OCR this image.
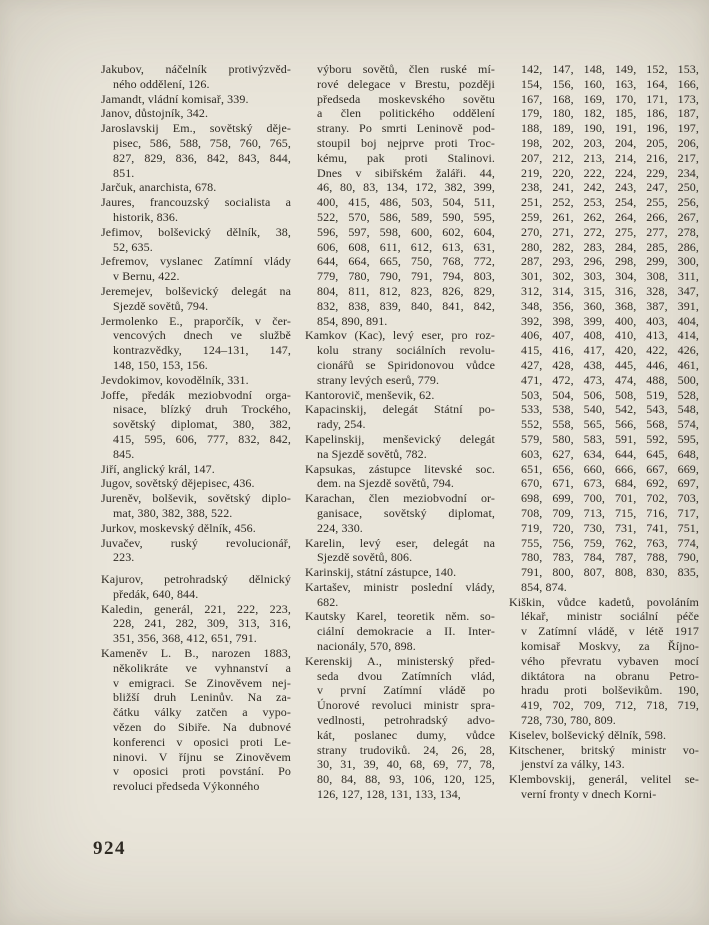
Jakubov, náčelník protivýzvěd-
ného oddělení, 126.
Jamandt, vládní komisař, 339.
Janov, důstojník, 342.
Jaroslavskij Em., sovětský děje-
pisec, 586, 588, 758, 760, 765,
827, 829, 836, 842, 843, 844,
851.
Jarčuk, anarchista, 678.
Jaures, francouzský socialista a
historik, 836.
Jefimov, bolševický dělník, 38,
52, 635.
Jefremov, vyslanec Zatímní vlády
v Bernu, 422.
Jeremejev, bolševický delegát na
Sjezdě sovětů, 794.
Jermolenko E., praporčík, v čer-
vencových dnech ve službě
kontrazvědky, 124–131, 147,
148, 150, 153, 156.
Jevdokimov, kovodělník, 331.
Joffe, předák meziobvodní orga-
nisace, blízký druh Trockého,
sovětský diplomat, 380, 382,
415, 595, 606, 777, 832, 842,
845.
Jiří, anglický král, 147.
Jugov, sovětský dějepisec, 436.
Jureněv, bolševik, sovětský diplo-
mat, 380, 382, 388, 522.
Jurkov, moskevský dělník, 456.
Juvačev, ruský revolucionář,
223.
Kajurov, petrohradský dělnický
předák, 640, 844.
Kaledin, generál, 221, 222, 223,
228, 241, 282, 309, 313, 316,
351, 356, 368, 412, 651, 791.
Kameněv L. B., narozen 1883,
několikráte ve vyhnanství a
v emigraci. Se Zinověvem nej-
bližší druh Leninův. Na za-
čátku války zatčen a vypo-
vězen do Sibiře. Na dubnové
konferenci v oposici proti Le-
ninovi. V říjnu se Zinověvem
v oposici proti povstání. Po
revoluci předseda Výkonného
výboru sovětů, člen ruské mí-
rové delegace v Brestu, později
předseda moskevského sovětu
a člen politického oddělení
strany. Po smrti Leninově pod-
stoupil boj nejprve proti Troc-
kému, pak proti Stalinovi.
Dnes v sibiřském žaláři. 44,
46, 80, 83, 134, 172, 382, 399,
400, 415, 486, 503, 504, 511,
522, 570, 586, 589, 590, 595,
596, 597, 598, 600, 602, 604,
606, 608, 611, 612, 613, 631,
644, 664, 665, 750, 768, 772,
779, 780, 790, 791, 794, 803,
804, 811, 812, 823, 826, 829,
832, 838, 839, 840, 841, 842,
854, 890, 891.
Kamkov (Kac), levý eser, pro roz-
kolu strany sociálních revolu-
cionářů se Spiridonovou vůdce
strany levých eserů, 779.
Kantorovič, menševik, 62.
Kapacinskij, delegát Státní po-
rady, 254.
Kapelinskij, menševický delegát
na Sjezdě sovětů, 782.
Kapsukas, zástupce litevské soc.
dem. na Sjezdě sovětů, 794.
Karachan, člen meziobvodní or-
ganisace, sovětský diplomat,
224, 330.
Karelin, levý eser, delegát na
Sjezdě sovětů, 806.
Karinskij, státní zástupce, 140.
Kartašev, ministr poslední vlády,
682.
Kautsky Karel, teoretik něm. so-
ciální demokracie a II. Inter-
nacionály, 570, 898.
Kerenskij A., ministerský před-
seda dvou Zatímních vlád,
v první Zatímní vládě po
Únorové revoluci ministr spra-
vedlnosti, petrohradský advo-
kát, poslanec dumy, vůdce
strany trudoviků. 24, 26, 28,
30, 31, 39, 40, 68, 69, 77, 78,
80, 84, 88, 93, 106, 120, 125,
126, 127, 128, 131, 133, 134,
142, 147, 148, 149, 152, 153,
154, 156, 160, 163, 164, 166,
167, 168, 169, 170, 171, 173,
179, 180, 182, 185, 186, 187,
188, 189, 190, 191, 196, 197,
198, 202, 203, 204, 205, 206,
207, 212, 213, 214, 216, 217,
219, 220, 222, 224, 229, 234,
238, 241, 242, 243, 247, 250,
251, 252, 253, 254, 255, 256,
259, 261, 262, 264, 266, 267,
270, 271, 272, 275, 277, 278,
280, 282, 283, 284, 285, 286,
287, 293, 296, 298, 299, 300,
301, 302, 303, 304, 308, 311,
312, 314, 315, 316, 328, 347,
348, 356, 360, 368, 387, 391,
392, 398, 399, 400, 403, 404,
406, 407, 408, 410, 413, 414,
415, 416, 417, 420, 422, 426,
427, 428, 438, 445, 446, 461,
471, 472, 473, 474, 488, 500,
503, 504, 506, 508, 519, 528,
533, 538, 540, 542, 543, 548,
552, 558, 565, 566, 568, 574,
579, 580, 583, 591, 592, 595,
603, 627, 634, 644, 645, 648,
651, 656, 660, 666, 667, 669,
670, 671, 673, 684, 692, 697,
698, 699, 700, 701, 702, 703,
708, 709, 713, 715, 716, 717,
719, 720, 730, 731, 741, 751,
755, 756, 759, 762, 763, 774,
780, 783, 784, 787, 788, 790,
791, 800, 807, 808, 830, 835,
854, 874.
Kiškin, vůdce kadetů, povoláním
lékař, ministr sociální péče
v Zatímní vládě, v létě 1917
komisař Moskvy, za Říjno-
vého převratu vybaven mocí
diktátora na obranu Petro-
hradu proti bolševikům. 190,
419, 702, 709, 712, 718, 719,
728, 730, 780, 809.
Kiselev, bolševický dělník, 598.
Kitschener, britský ministr vo-
jenství za války, 143.
Klembovskij, generál, velitel se-
verní fronty v dnech Korni-
924
